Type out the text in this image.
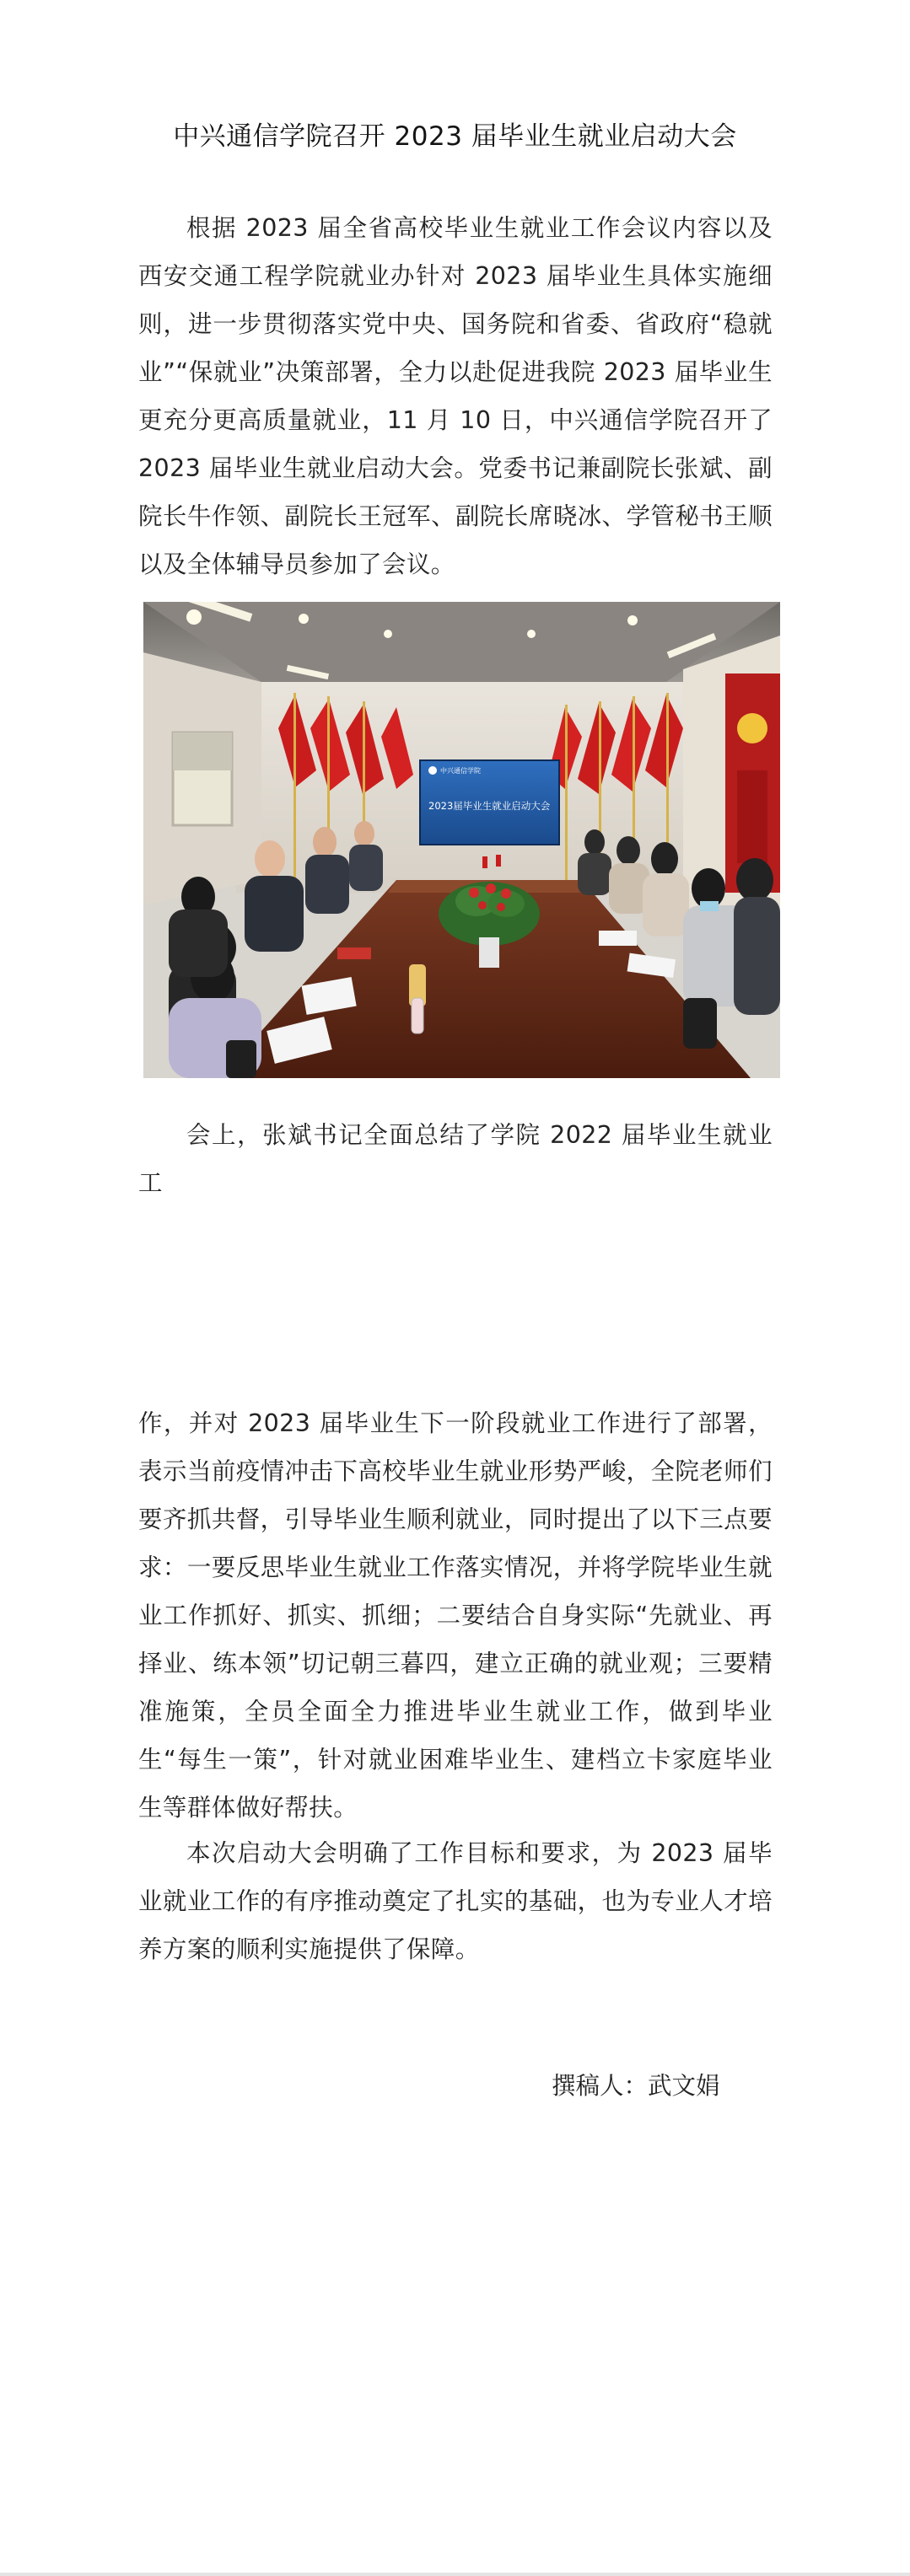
中兴通信学院召开 2023 届毕业生就业启动大会

根据 2023 届全省高校毕业生就业工作会议内容以及西安交通工程学院就业办针对 2023 届毕业生具体实施细则，进一步贯彻落实党中央、国务院和省委、省政府“稳就业”“保就业”决策部署，全力以赴促进我院 2023 届毕业生更充分更高质量就业，11 月 10 日，中兴通信学院召开了 2023 届毕业生就业启动大会。党委书记兼副院长张斌、副院长牛作领、副院长王冠军、副院长席晓冰、学管秘书王顺以及全体辅导员参加了会议。

中兴通信学院
2023届毕业生就业启动大会

会上，张斌书记全面总结了学院 2022 届毕业生就业工

作，并对 2023 届毕业生下一阶段就业工作进行了部署，表示当前疫情冲击下高校毕业生就业形势严峻，全院老师们要齐抓共督，引导毕业生顺利就业，同时提出了以下三点要求：一要反思毕业生就业工作落实情况，并将学院毕业生就业工作抓好、抓实、抓细；二要结合自身实际“先就业、再择业、练本领”切记朝三暮四，建立正确的就业观；三要精准施策，全员全面全力推进毕业生就业工作，做到毕业生“每生一策”，针对就业困难毕业生、建档立卡家庭毕业生等群体做好帮扶。

本次启动大会明确了工作目标和要求，为 2023 届毕业就业工作的有序推动奠定了扎实的基础，也为专业人才培养方案的顺利实施提供了保障。

撰稿人：武文娟
